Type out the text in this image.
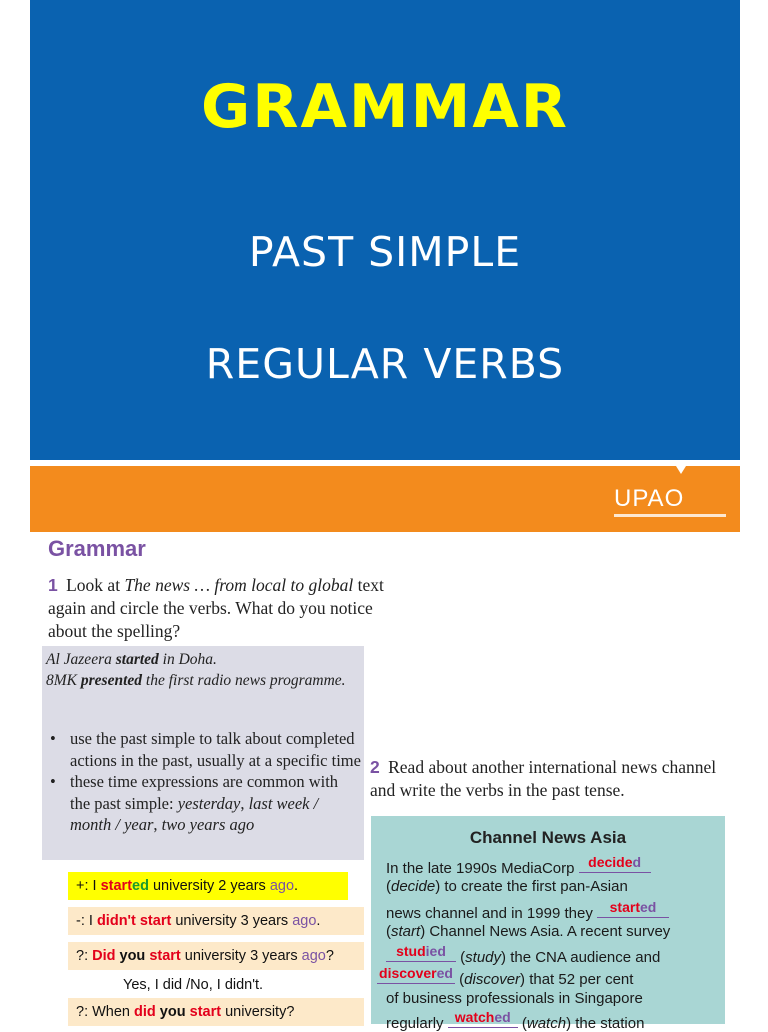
GRAMMAR
PAST SIMPLE
REGULAR VERBS
UPAO
Grammar
1 Look at The news … from local to global text again and circle the verbs. What do you notice about the spelling?
Al Jazeera started in Doha.
8MK presented the first radio news programme.
• use the past simple to talk about completed actions in the past, usually at a specific time
• these time expressions are common with the past simple: yesterday, last week / month / year, two years ago
+: I started university 2 years ago.
-: I didn't start university 3 years ago.
?: Did you start university 3 years ago?
Yes, I did /No, I didn't.
?: When did you start university?
2 Read about another international news channel and write the verbs in the past tense.
Channel News Asia
In the late 1990s MediaCorp decided
(decide) to create the first pan-Asian
news channel and in 1999 they	started
(start) Channel News Asia. A recent survey
studied (study) the CNA audience and
discovered (discover) that 52 per cent
of business professionals in Singapore
regularly watched (watch) the station
